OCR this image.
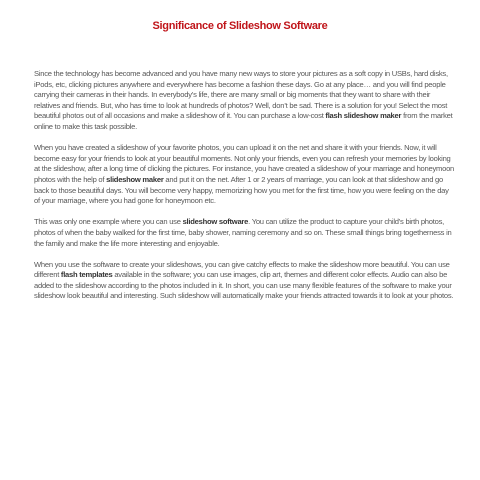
Significance of Slideshow Software

Since the technology has become advanced and you have many new ways to store your pictures as a soft copy in USBs, hard disks, iPods, etc, clicking pictures anywhere and everywhere has become a fashion these days. Go at any place… and you will find people carrying their cameras in their hands. In everybody’s life, there are many small or big moments that they want to share with their relatives and friends. But, who has time to look at hundreds of photos? Well, don’t be sad. There is a solution for you! Select the most beautiful photos out of all occasions and make a slideshow of it. You can purchase a low-cost flash slideshow maker from the market online to make this task possible.

When you have created a slideshow of your favorite photos, you can upload it on the net and share it with your friends. Now, it will become easy for your friends to look at your beautiful moments. Not only your friends, even you can refresh your memories by looking at the slideshow, after a long time of clicking the pictures. For instance, you have created a slideshow of your marriage and honeymoon photos with the help of slideshow maker and put it on the net. After 1 or 2 years of marriage, you can look at that slideshow and go back to those beautiful days. You will become very happy, memorizing how you met for the first time, how you were feeling on the day of your marriage, where you had gone for honeymoon etc.

This was only one example where you can use slideshow software. You can utilize the product to capture your child’s birth photos, photos of when the baby walked for the first time, baby shower, naming ceremony and so on. These small things bring togetherness in the family and make the life more interesting and enjoyable.

When you use the software to create your slideshows, you can give catchy effects to make the slideshow more beautiful. You can use different flash templates available in the software; you can use images, clip art, themes and different color effects. Audio can also be added to the slideshow according to the photos included in it. In short, you can use many flexible features of the software to make your slideshow look beautiful and interesting. Such slideshow will automatically make your friends attracted towards it to look at your photos.
